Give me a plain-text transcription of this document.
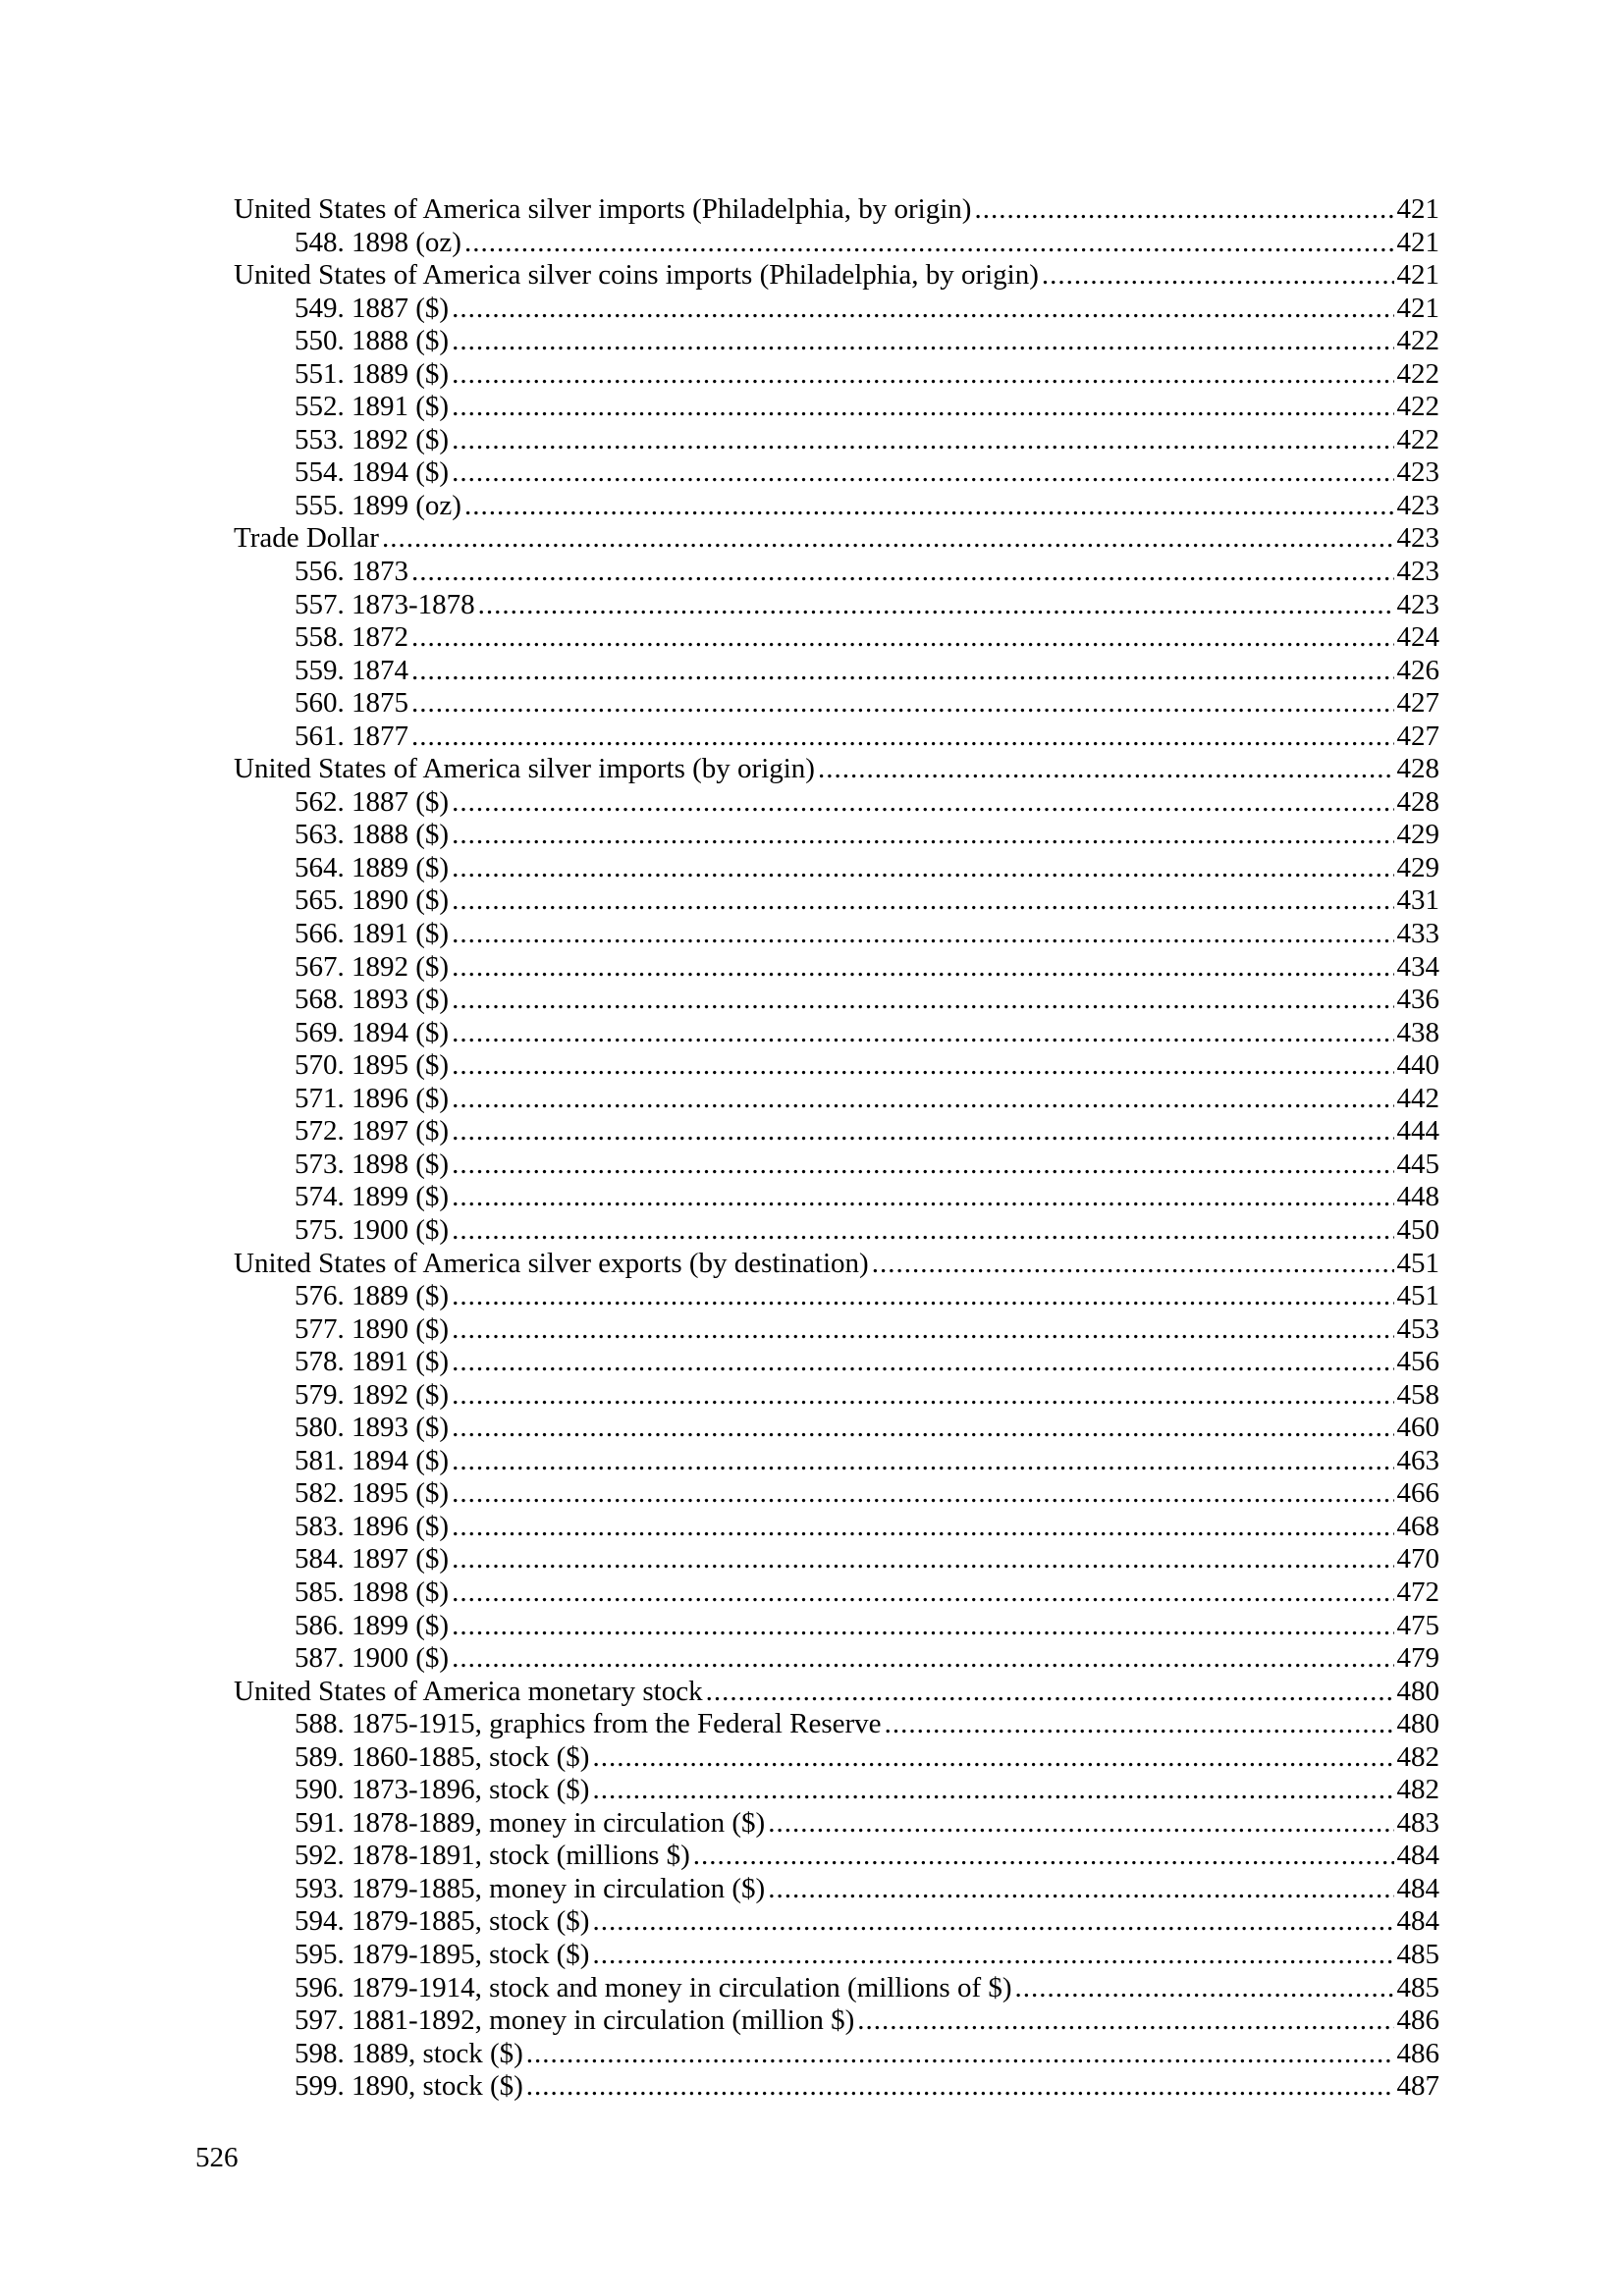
United States of America silver imports (Philadelphia, by origin) .....	421
548. 1898 (oz) .....	421
United States of America silver coins imports (Philadelphia, by origin) .....	421
549. 1887 ($) .....	421
550. 1888 ($) .....	422
551. 1889 ($) .....	422
552. 1891 ($) .....	422
553. 1892 ($) .....	422
554. 1894 ($) .....	423
555. 1899 (oz) .....	423
Trade Dollar .....	423
556. 1873 .....	423
557. 1873-1878 .....	423
558. 1872 .....	424
559. 1874 .....	426
560. 1875 .....	427
561. 1877 .....	427
United States of America silver imports (by origin) .....	428
562. 1887 ($) .....	428
563. 1888 ($) .....	429
564. 1889 ($) .....	429
565. 1890 ($) .....	431
566. 1891 ($) .....	433
567. 1892 ($) .....	434
568. 1893 ($) .....	436
569. 1894 ($) .....	438
570. 1895 ($) .....	440
571. 1896 ($) .....	442
572. 1897 ($) .....	444
573. 1898 ($) .....	445
574. 1899 ($) .....	448
575. 1900 ($) .....	450
United States of America silver exports (by destination) .....	451
576. 1889 ($) .....	451
577. 1890 ($) .....	453
578. 1891 ($) .....	456
579. 1892 ($) .....	458
580. 1893 ($) .....	460
581. 1894 ($) .....	463
582. 1895 ($) .....	466
583. 1896 ($) .....	468
584. 1897 ($) .....	470
585. 1898 ($) .....	472
586. 1899 ($) .....	475
587. 1900 ($) .....	479
United States of America monetary stock .....	480
588. 1875-1915, graphics from the Federal Reserve .....	480
589. 1860-1885, stock ($) .....	482
590. 1873-1896, stock ($) .....	482
591. 1878-1889, money in circulation ($) .....	483
592. 1878-1891, stock (millions $) .....	484
593. 1879-1885, money in circulation ($) .....	484
594. 1879-1885, stock ($) .....	484
595. 1879-1895, stock ($) .....	485
596. 1879-1914, stock and money in circulation (millions of $) .....	485
597. 1881-1892, money in circulation (million $) .....	486
598. 1889, stock ($) .....	486
599. 1890, stock ($) .....	487
526
